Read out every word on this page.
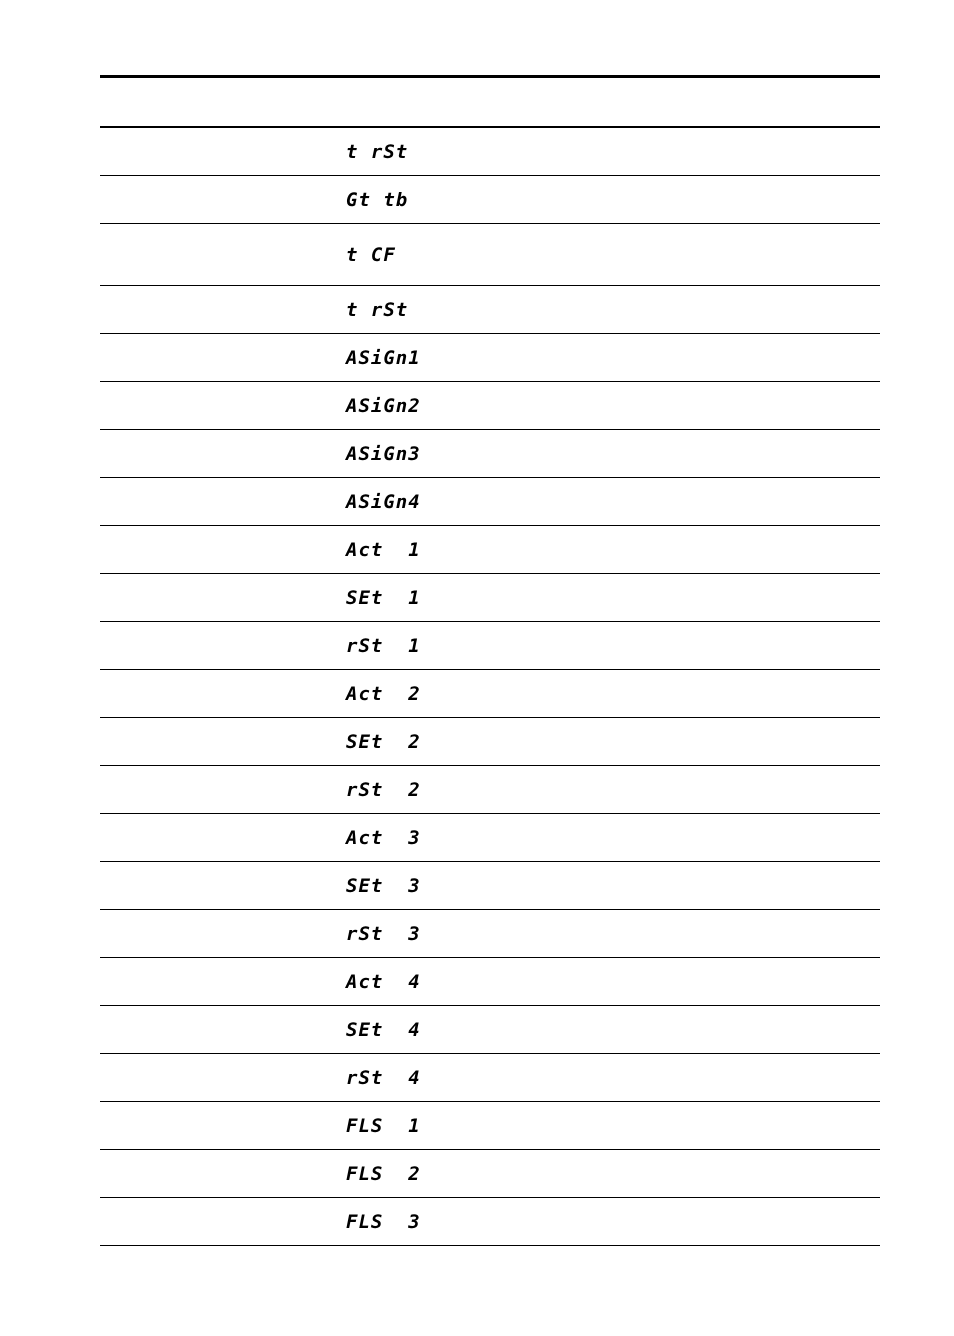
t rSt
Gt tb
t CF
t rSt
ASiGn1
ASiGn2
ASiGn3
ASiGn4
Act  1
SEt  1
rSt  1
Act  2
SEt  2
rSt  2
Act  3
SEt  3
rSt  3
Act  4
SEt  4
rSt  4
FLS  1
FLS  2
FLS  3
